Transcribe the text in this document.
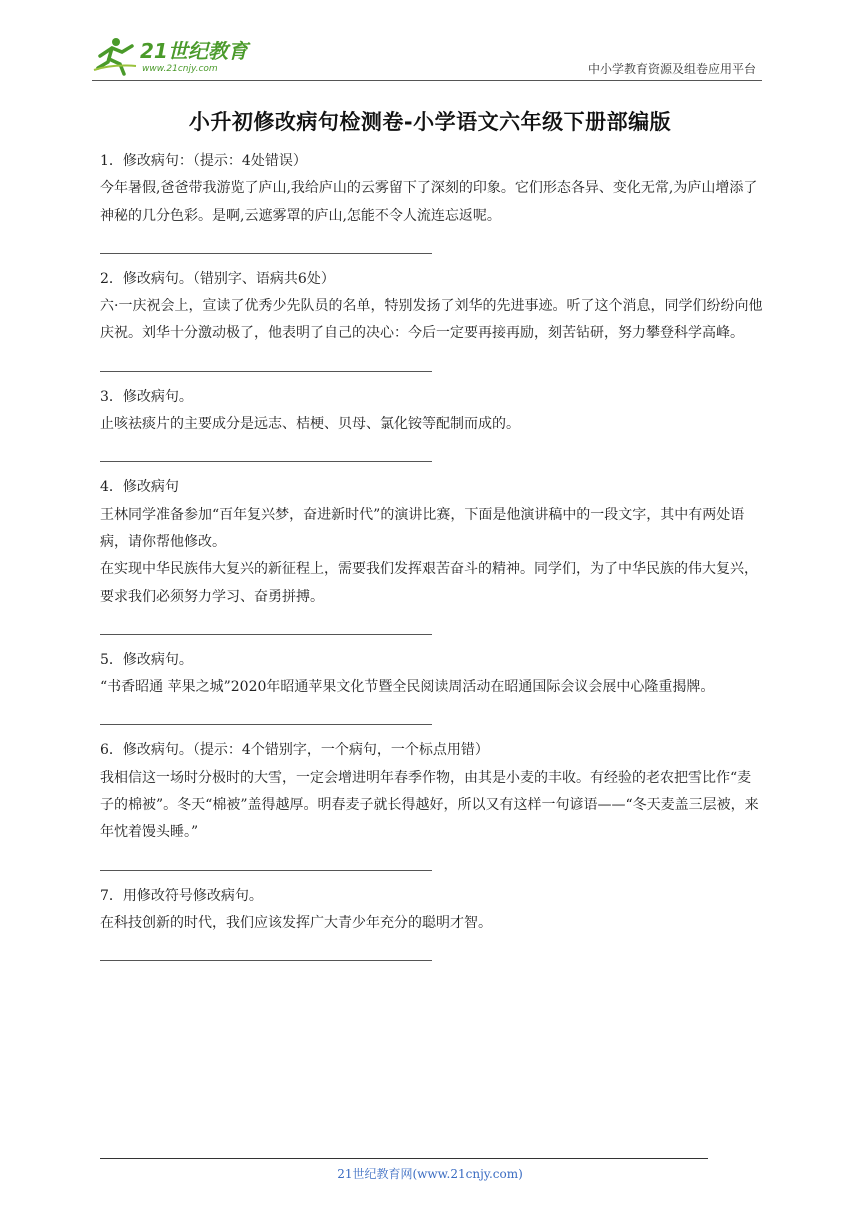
21世纪教育
www.21cnjy.com	中小学教育资源及组卷应用平台
小升初修改病句检测卷-小学语文六年级下册部编版

1．修改病句：（提示：4处错误）

今年暑假,爸爸带我游览了庐山,我给庐山的云雾留下了深刻的印象。它们形态各异、变化无常,为庐山增添了神秘的几分色彩。是啊,云遮雾罩的庐山,怎能不令人流连忘返呢。

2．修改病句。（错别字、语病共6处）

六·一庆祝会上，宣读了优秀少先队员的名单，特别发扬了刘华的先进事迹。听了这个消息，同学们纷纷向他庆祝。刘华十分激动极了，他表明了自己的决心：今后一定要再接再励，刻苦钻研，努力攀登科学高峰。

3．修改病句。

止咳祛痰片的主要成分是远志、桔梗、贝母、氯化铵等配制而成的。

4．修改病句

王林同学准备参加“百年复兴梦，奋进新时代”的演讲比赛，下面是他演讲稿中的一段文字，其中有两处语病，请你帮他修改。

在实现中华民族伟大复兴的新征程上，需要我们发挥艰苦奋斗的精神。同学们，为了中华民族的伟大复兴，要求我们必须努力学习、奋勇拼搏。

5．修改病句。

“书香昭通 苹果之城”2020年昭通苹果文化节暨全民阅读周活动在昭通国际会议会展中心隆重揭牌。

6．修改病句。（提示：4个错别字，一个病句，一个标点用错）

我相信这一场时分极时的大雪，一定会增进明年春季作物，由其是小麦的丰收。有经验的老农把雪比作“麦子的棉被”。冬天“棉被”盖得越厚。明春麦子就长得越好，所以又有这样一句谚语——“冬天麦盖三层被，来年忱着馒头睡。”

7．用修改符号修改病句。

在科技创新的时代，我们应该发挥广大青少年充分的聪明才智。

21世纪教育网(www.21cnjy.com)
